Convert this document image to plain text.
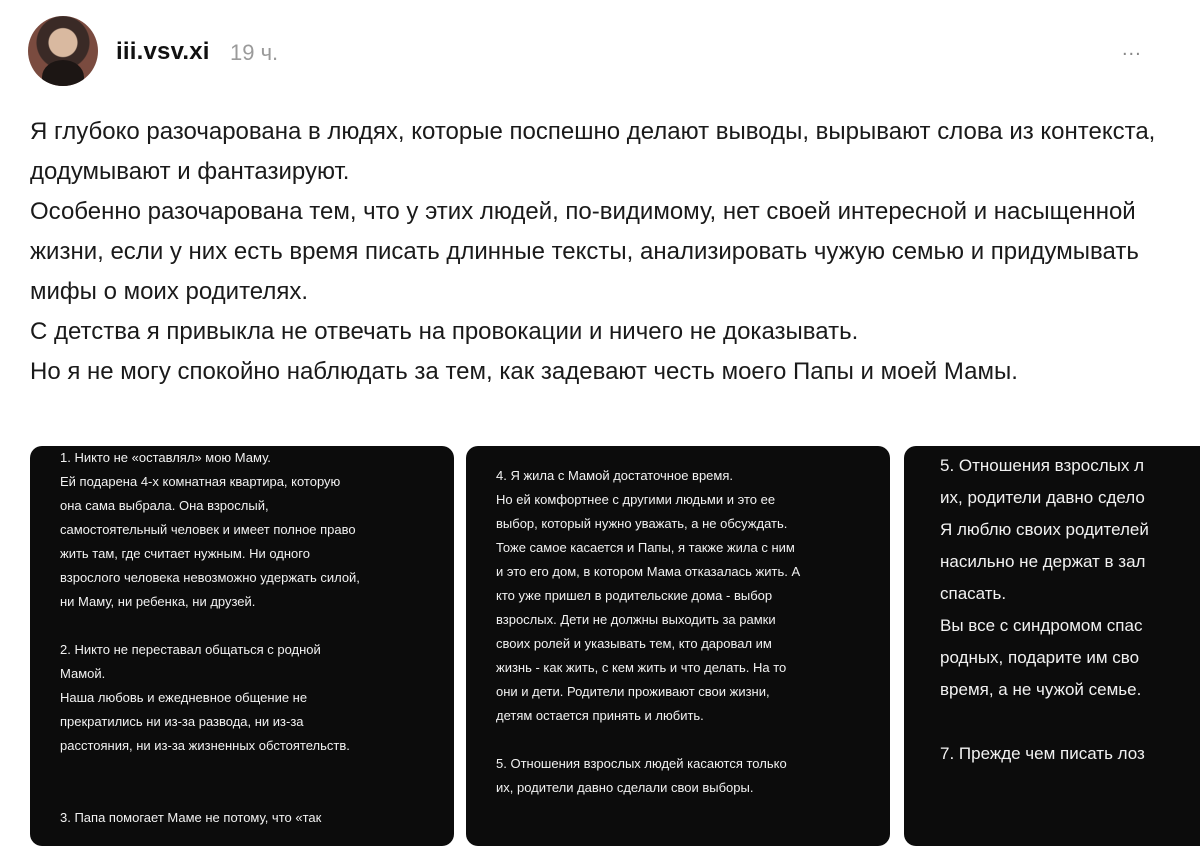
iii.vsv.xi 19 ч.	...

Я глубоко разочарована в людях, которые поспешно делают выводы, вырывают слова из контекста, додумывают и фантазируют.

Особенно разочарована тем, что у этих людей, по-видимому, нет своей интересной и насыщенной жизни, если у них есть время писать длинные тексты, анализировать чужую семью и придумывать мифы о моих родителях.

С детства я привыкла не отвечать на провокации и ничего не доказывать.

Но я не могу спокойно наблюдать за тем, как задевают честь моего Папы и моей Мамы.

1. Никто не «оставлял» мою Маму.
Ей подарена 4-х комнатная квартира, которую
она сама выбрала. Она взрослый,
самостоятельный человек и имеет полное право
жить там, где считает нужным. Ни одного
взрослого человека невозможно удержать силой,
ни Маму, ни ребенка, ни друзей.
2. Никто не переставал общаться с родной
Мамой.
Наша любовь и ежедневное общение не
прекратились ни из-за развода, ни из-за
расстояния, ни из-за жизненных обстоятельств.
3. Папа помогает Маме не потому, что «так
4. Я жила с Мамой достаточное время.
Но ей комфортнее с другими людьми и это ее
выбор, который нужно уважать, а не обсуждать.
Тоже самое касается и Папы, я также жила с ним
и это его дом, в котором Мама отказалась жить. А
кто уже пришел в родительские дома - выбор
взрослых. Дети не должны выходить за рамки
своих ролей и указывать тем, кто даровал им
жизнь - как жить, с кем жить и что делать. На то
они и дети. Родители проживают свои жизни,
детям остается принять и любить.
5. Отношения взрослых людей касаются только
их, родители давно сделали свои выборы.
5. Отношения взрослых л
их, родители давно сдело
Я люблю своих родителей
насильно не держат в зал
спасать.
Вы все с синдромом спас
родных, подарите им сво
время, а не чужой семье.
7. Прежде чем писать лоз
